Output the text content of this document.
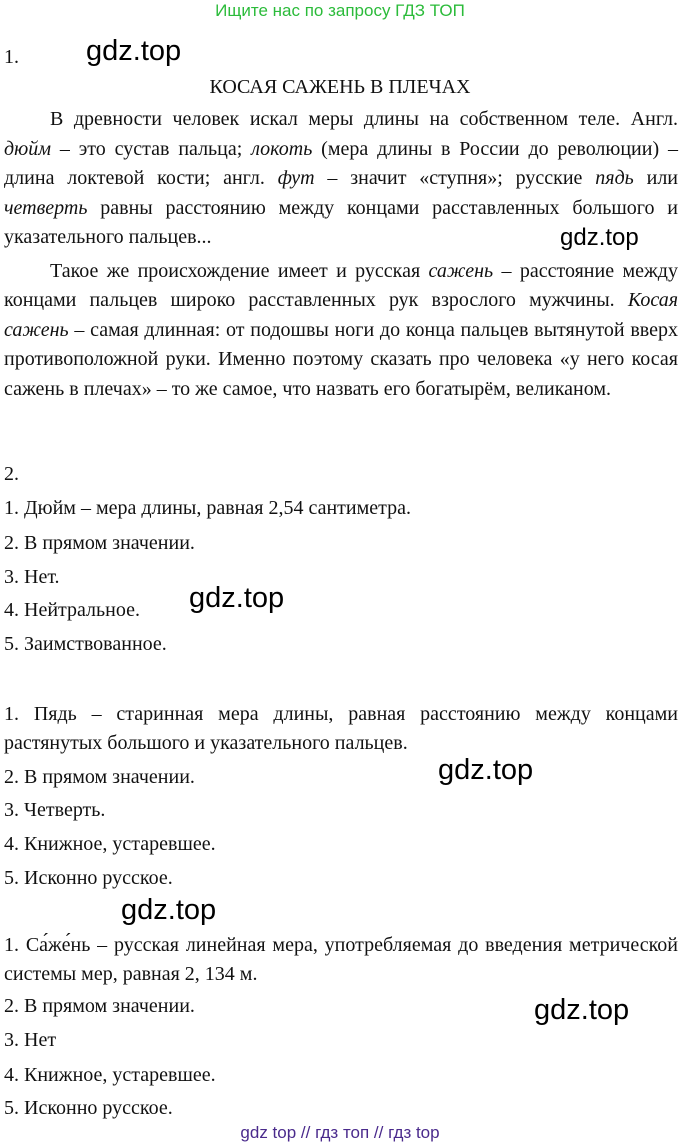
Ищите нас по запросу ГДЗ ТОП
1. gdz.top
КОСАЯ САЖЕНЬ В ПЛЕЧАХ

В древности человек искал меры длины на собственном теле. Англ. дюйм – это сустав пальца; локоть (мера длины в России до революции) – длина локтевой кости; англ. фут – значит «ступня»; русские пядь или четверть равны расстоянию между концами расставленных большого и указательного пальцев...

Такое же происхождение имеет и русская сажень – расстояние между концами пальцев широко расставленных рук взрослого мужчины. Косая сажень – самая длинная: от подошвы ноги до конца пальцев вытянутой вверх противоположной руки. Именно поэтому сказать про человека «у него косая сажень в плечах» – то же самое, что назвать его богатырём, великаном.

gdz.top
2.
1. Дюйм – мера длины, равная 2,54 сантиметра.
2. В прямом значении.
3. Нет.
4. Нейтральное.
5. Заимствованное.
gdz.top
1. Пядь – старинная мера длины, равная расстоянию между концами растянутых большого и указательного пальцев.
gdz.top
2. В прямом значении.
3. Четверть.
4. Книжное, устаревшее.
5. Исконно русское.
gdz.top
1. Са́же́нь – русская линейная мера, употребляемая до введения метрической системы мер, равная 2, 134 м.
gdz.top
2. В прямом значении.
3. Нет
4. Книжное, устаревшее.
5. Исконно русское.
gdz top // гдз топ // гдз top
